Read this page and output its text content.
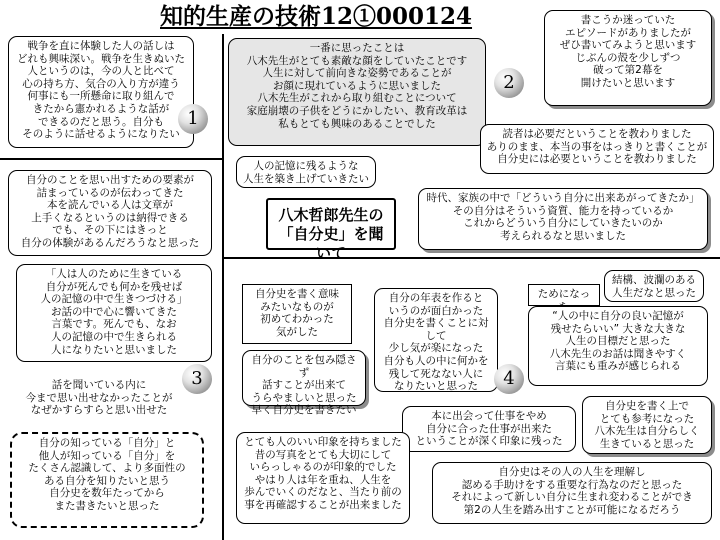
知的生産の技術12①000124
八木哲郎先生の
「自分史」を聞いて
戦争を直に体験した人の話しは
どれも興味深い。戦争を生きぬいた
人というのは，今の人と比べて
心の持ち方、気合の入り方が違う
何事にも一所懸命に取り組んで
きたから憲かれるような話が
できるのだと思う。自分も
そのように話せるようになりたい
1
一番に思ったことは
八木先生がとても素敵な顔をしていたことです
人生に対して前向きな姿勢であることが
お顔に現れているように思いました
八木先生がこれから取り組むことについて
家庭崩壊の子供をどうにかしたい、教育改革は
私もとても興味のあることでした
2
書こうか迷っていた
エピソードがありましたが
ぜひ書いてみようと思います
じぶんの殻を少しずつ
破って第2幕を
開けたいと思います
読者は必要だということを教わりました
ありのまま、本当の事をはっきりと書くことが
自分史には必要ということを教わりました
人の記憶に残るような
人生を築き上げていきたい
時代、家族の中で「どういう自分に出来あがってきたか」
その自分はそういう資質、能力を持っているか
これからどういう自分にしていきたいのか
考えられるなと思いました
自分のことを思い出すための要素が
詰まっているのが伝わってきた
本を読んでいる人は文章が
上手くなるというのは納得できる
でも、その下にはきっと
自分の体験があるんだろうなと思った
「人は人のために生きている
自分が死んでも何かを残せば
人の記憶の中で生きつづける」
お話の中で心に響いてきた
言葉です。死んでも、なお
人の記憶の中で生きられる
人になりたいと思いました
3
話を聞いている内に
今まで思い出せなかったことが
なぜかすらすらと思い出せた
自分の知っている「自分」と
他人が知っている「自分」を
たくさん認識して、より多面性の
ある自分を知りたいと思う
自分史を数年たってから
また書きたいと思った
自分史を書く意味
みたいなものが
初めてわかった
気がした
自分の年表を作ると
いうのが面白かった
自分史を書くことに対して
少し気が楽になった
自分も人の中に何かを
残して死なない人に
なりたいと思った
ためになっ
結構、波瀾のある
人生だなと思った
自分のことを包み隠さず
話すことが出来て
うらやましいと思った
早く自分史を書きたい
“人の中に自分の良い記憶が
残せたらいい” 大きな大きな
人生の目標だと思った
八木先生のお話は聞きやすく
言葉にも重みが感じられる
4
本に出会って仕事をやめ
自分に合った仕事が出来た
ということが深く印象に残った
自分史を書く上で
とても参考になった
八木先生は自分らしく
生きていると思った
とても人のいい印象を持ちました
昔の写真をとても大切にして
いらっしゃるのが印象的でした
やはり人は年を重ね、人生を
歩んでいくのだなと、当たり前の
事を再確認することが出来ました
自分史はその人の人生を理解し
認める手助けをする重要な行為なのだと思った
それによって新しい自分に生まれ変わることができ
第2の人生を踏み出すことが可能になるだろう
